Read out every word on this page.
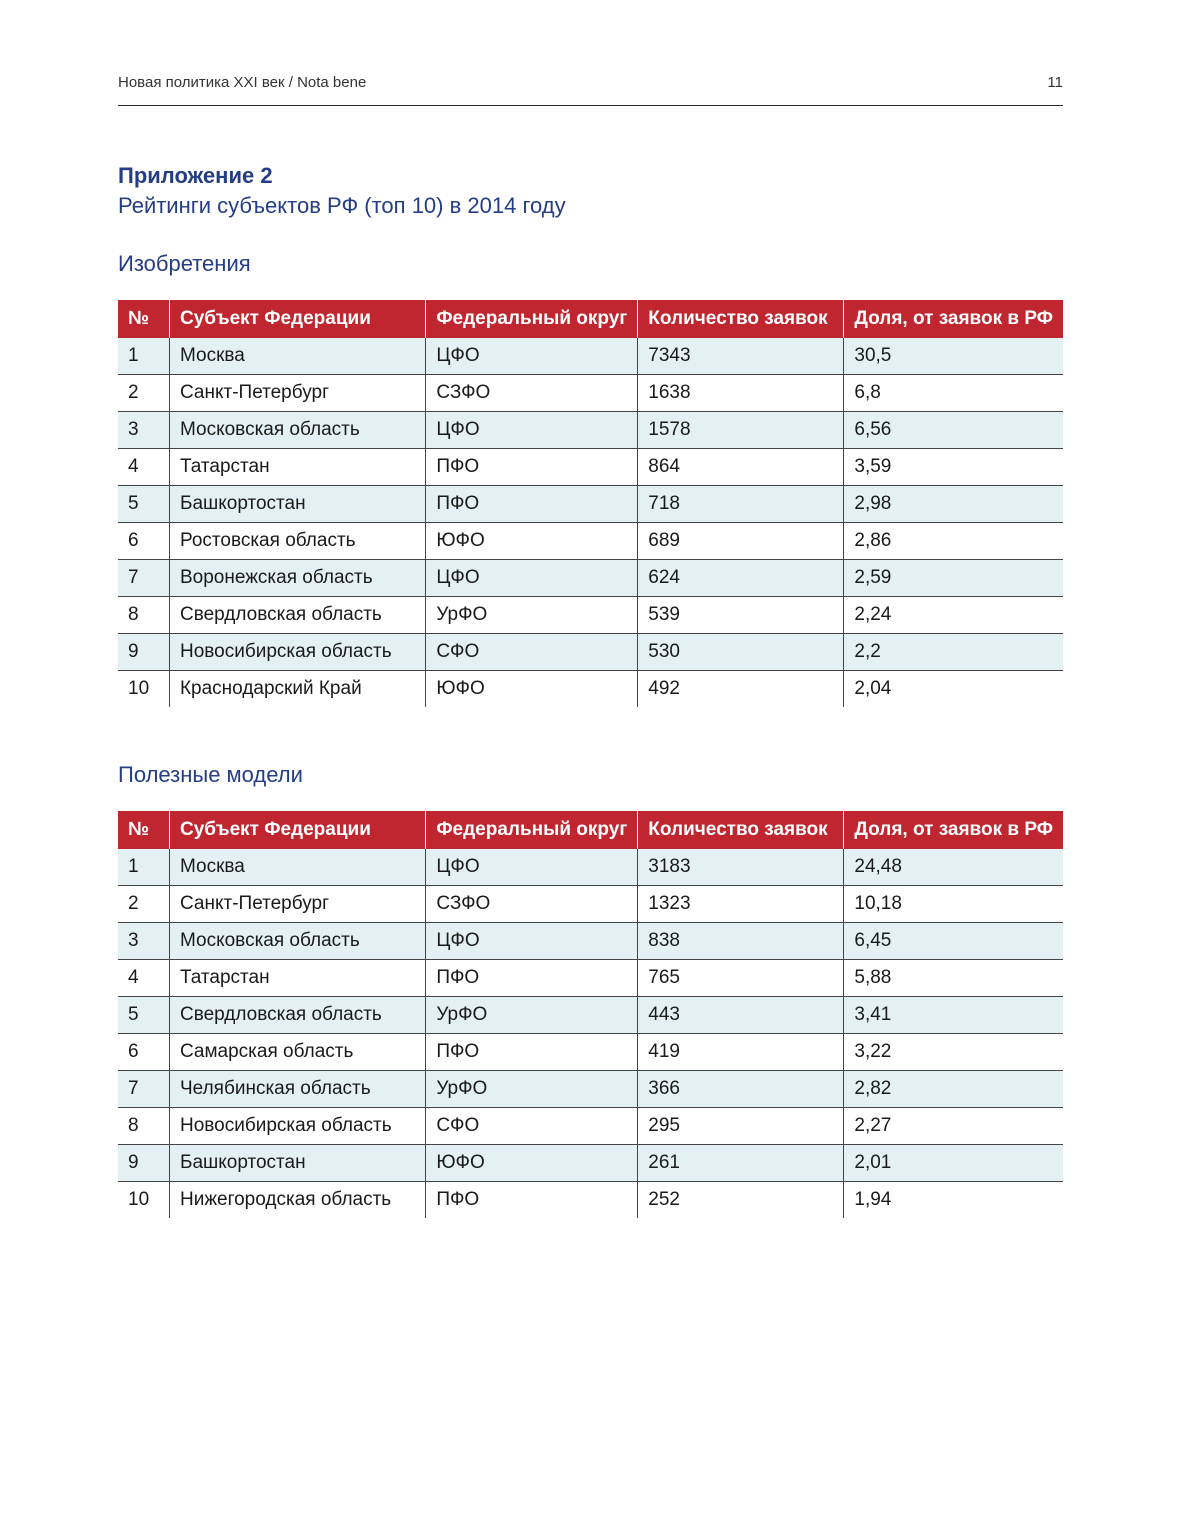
Новая политика XXI век / Nota bene	11
Приложение 2
Рейтинги субъектов РФ (топ 10) в 2014 году
Изобретения
№	Субъект Федерации	Федеральный округ	Количество заявок	Доля, от заявок в РФ
1	Москва	ЦФО	7343	30,5
2	Санкт-Петербург	СЗФО	1638	6,8
3	Московская область	ЦФО	1578	6,56
4	Татарстан	ПФО	864	3,59
5	Башкортостан	ПФО	718	2,98
6	Ростовская область	ЮФО	689	2,86
7	Воронежская область	ЦФО	624	2,59
8	Свердловская область	УрФО	539	2,24
9	Новосибирская область	СФО	530	2,2
10	Краснодарский Край	ЮФО	492	2,04
Полезные модели
№	Субъект Федерации	Федеральный округ	Количество заявок	Доля, от заявок в РФ
1	Москва	ЦФО	3183	24,48
2	Санкт-Петербург	СЗФО	1323	10,18
3	Московская область	ЦФО	838	6,45
4	Татарстан	ПФО	765	5,88
5	Свердловская область	УрФО	443	3,41
6	Самарская область	ПФО	419	3,22
7	Челябинская область	УрФО	366	2,82
8	Новосибирская область	СФО	295	2,27
9	Башкортостан	ЮФО	261	2,01
10	Нижегородская область	ПФО	252	1,94
